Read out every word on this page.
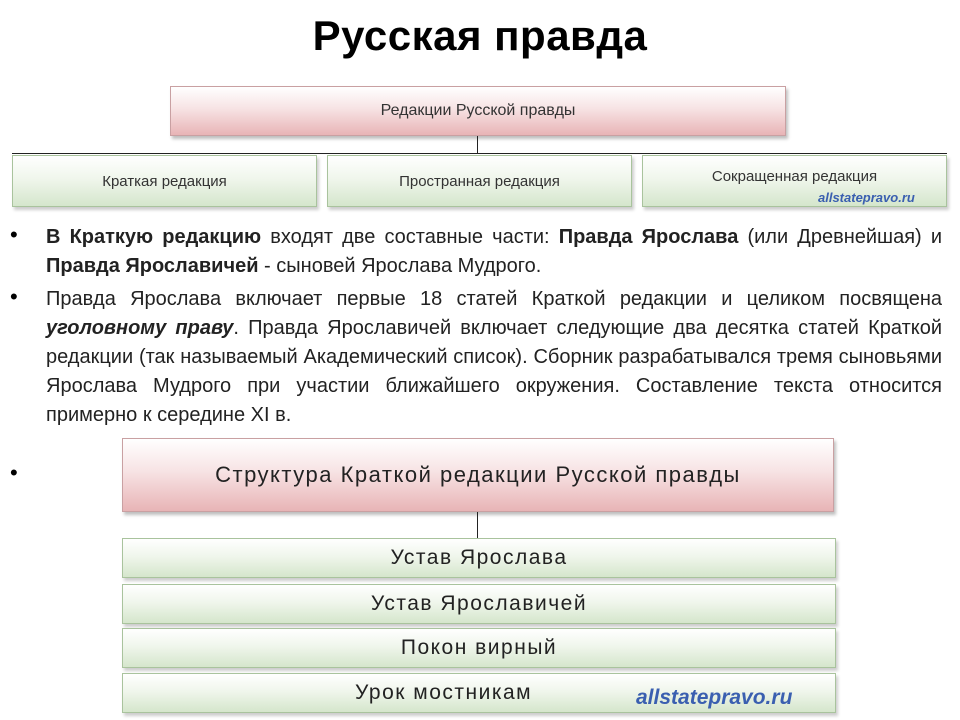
Русская правда
Редакции Русской правды
Краткая редакция	Пространная редакция	Сокращенная редакция
allstatepravo.ru
• В Краткую редакцию входят две составные части: Правда Ярослава (или Древнейшая) и Правда Ярославичей - сыновей Ярослава Мудрого.
• Правда Ярослава включает первые 18 статей Краткой редакции и целиком посвящена уголовному праву. Правда Ярославичей включает следующие два десятка статей Краткой редакции (так называемый Академический список). Сборник разрабатывался тремя сыновьями Ярослава Мудрого при участии ближайшего окружения. Составление текста относится примерно к середине XI в.
•	Структура Краткой редакции Русской правды
Устав Ярослава
Устав Ярославичей
Покон вирный
Урок мостникам	allstatepravo.ru
